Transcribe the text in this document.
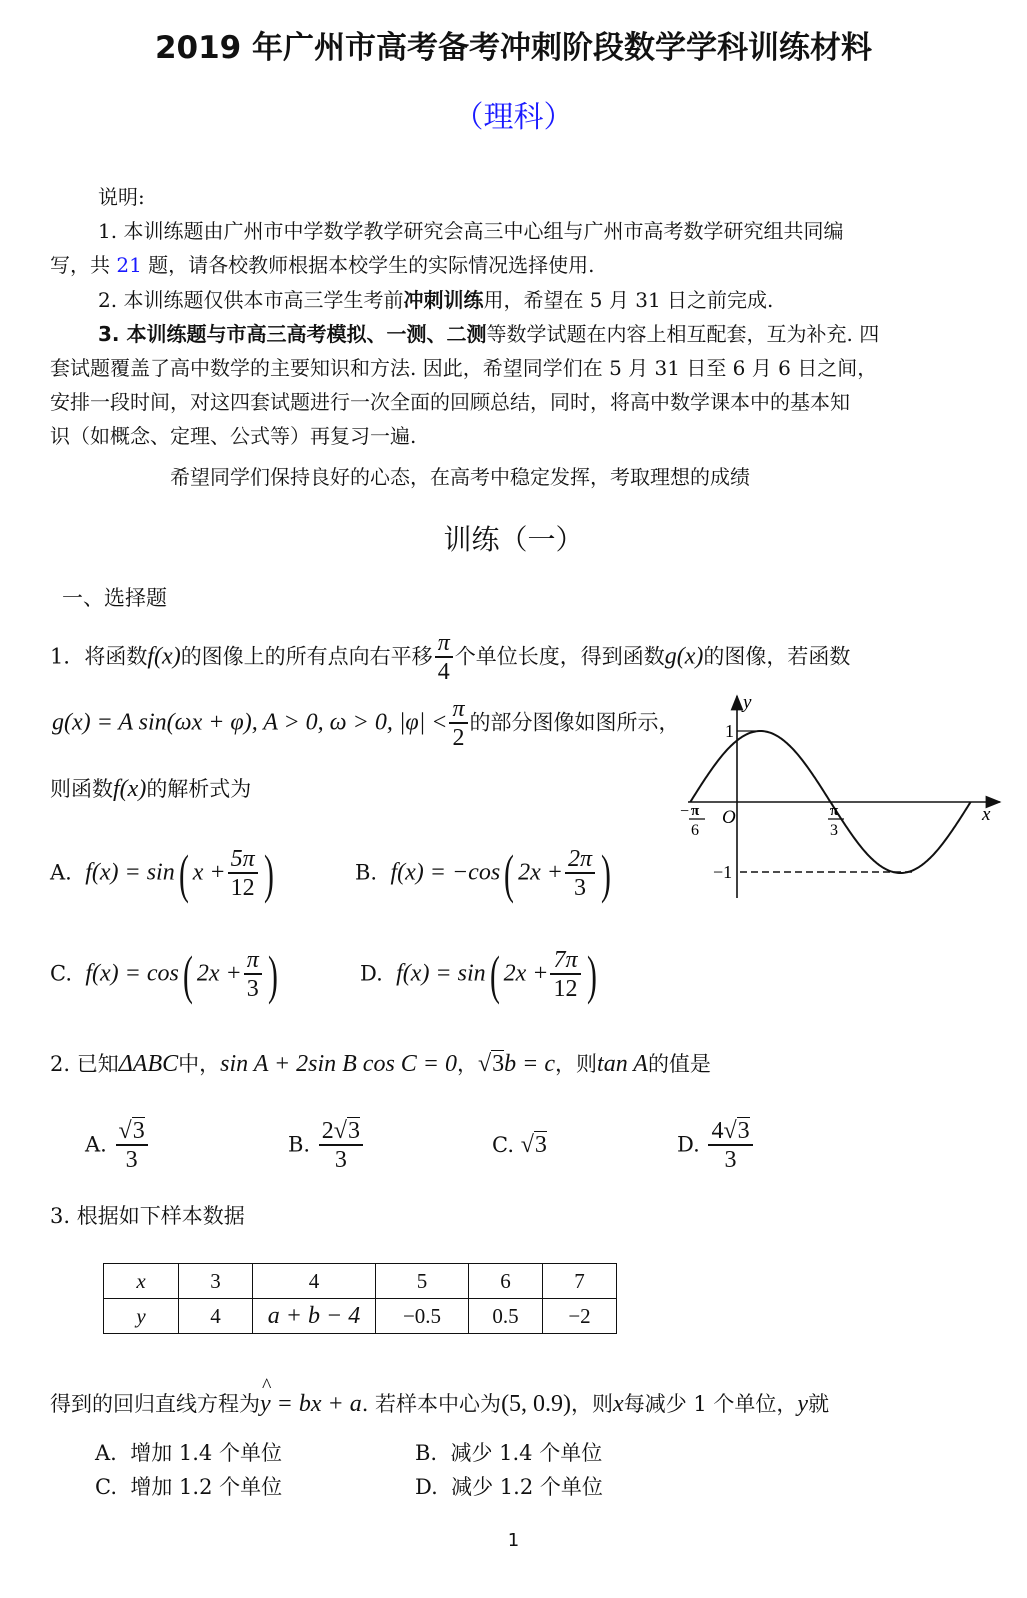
2019 年广州市高考备考冲刺阶段数学学科训练材料
（理科）
说明:
1. 本训练题由广州市中学数学教学研究会高三中心组与广州市高考数学研究组共同编
写，共 21 题，请各校教师根据本校学生的实际情况选择使用.
2. 本训练题仅供本市高三学生考前冲刺训练用，希望在 5 月 31 日之前完成.
3. 本训练题与市高三高考模拟、一测、二测等数学试题在内容上相互配套，互为补充. 四
套试题覆盖了高中数学的主要知识和方法. 因此，希望同学们在 5 月 31 日至 6 月 6 日之间，
安排一段时间，对这四套试题进行一次全面的回顾总结，同时，将高中数学课本中的基本知
识（如概念、定理、公式等）再复习一遍.
希望同学们保持良好的心态，在高考中稳定发挥，考取理想的成绩
训练（一）
一、选择题
1．将函数f(x)的图像上的所有点向右平移 $\frac{\pi}{4}$ 个单位长度，得到函数g(x)的图像，若函数
g(x) = A sin(ωx + φ), A > 0, ω > 0, $|\varphi| < \frac{\pi}{2}$ 的部分图像如图所示，
则函数f(x)的解析式为
A. f(x) = sin( $x + \frac{5\pi}{12}$ )	B. f(x) = −cos( $2x + \frac{2\pi}{3}$ )
C. f(x) = cos( $2x + \frac{\pi}{3}$ )	D. f(x) = sin( $2x + \frac{7\pi}{12}$ )
y
x
O
1
−1
− π
6
π
3
2. 已知ΔABC中，sin A + 2sin B cos C = 0，√3b = c，则tan A的值是
A. $\frac{√3}{3}$	B. $\frac{2√3}{3}$	C. √3	D. $\frac{4√3}{3}$
3. 根据如下样本数据
x	3	4	5	6	7
y	4	a + b − 4	−0.5	0.5	−2
得到的回归直线方程为^ y = bx + a. 若样本中心为(5, 0.9)，则x每减少 1 个单位，y就
A. 增加 1.4 个单位	B. 减少 1.4 个单位
C. 增加 1.2 个单位	D. 减少 1.2 个单位
1
